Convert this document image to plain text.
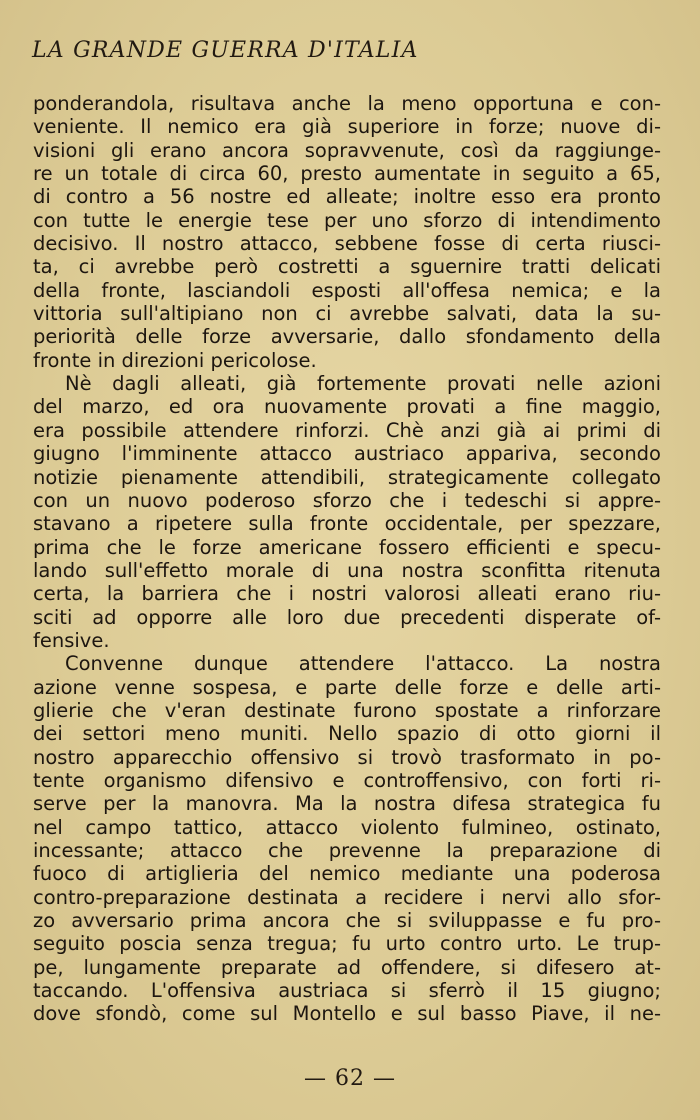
LA GRANDE GUERRA D'ITALIA
ponderandola, risultava anche la meno opportuna e con-
veniente. Il nemico era già superiore in forze; nuove di-
visioni gli erano ancora sopravvenute, così da raggiunge-
re un totale di circa 60, presto aumentate in seguito a 65,
di contro a 56 nostre ed alleate; inoltre esso era pronto
con tutte le energie tese per uno sforzo di intendimento
decisivo. Il nostro attacco, sebbene fosse di certa riusci-
ta, ci avrebbe però costretti a sguernire tratti delicati
della fronte, lasciandoli esposti all'offesa nemica; e la
vittoria sull'altipiano non ci avrebbe salvati, data la su-
periorità delle forze avversarie, dallo sfondamento della
fronte in direzioni pericolose.
Nè dagli alleati, già fortemente provati nelle azioni
del marzo, ed ora nuovamente provati a fine maggio,
era possibile attendere rinforzi. Chè anzi già ai primi di
giugno l'imminente attacco austriaco appariva, secondo
notizie pienamente attendibili, strategicamente collegato
con un nuovo poderoso sforzo che i tedeschi si appre-
stavano a ripetere sulla fronte occidentale, per spezzare,
prima che le forze americane fossero efficienti e specu-
lando sull'effetto morale di una nostra sconfitta ritenuta
certa, la barriera che i nostri valorosi alleati erano riu-
sciti ad opporre alle loro due precedenti disperate of-
fensive.
Convenne dunque attendere l'attacco. La nostra
azione venne sospesa, e parte delle forze e delle arti-
glierie che v'eran destinate furono spostate a rinforzare
dei settori meno muniti. Nello spazio di otto giorni il
nostro apparecchio offensivo si trovò trasformato in po-
tente organismo difensivo e controffensivo, con forti ri-
serve per la manovra. Ma la nostra difesa strategica fu
nel campo tattico, attacco violento fulmineo, ostinato,
incessante; attacco che prevenne la preparazione di
fuoco di artiglieria del nemico mediante una poderosa
contro-preparazione destinata a recidere i nervi allo sfor-
zo avversario prima ancora che si sviluppasse e fu pro-
seguito poscia senza tregua; fu urto contro urto. Le trup-
pe, lungamente preparate ad offendere, si difesero at-
taccando. L'offensiva austriaca si sferrò il 15 giugno;
dove sfondò, come sul Montello e sul basso Piave, il ne-
— 62 —
